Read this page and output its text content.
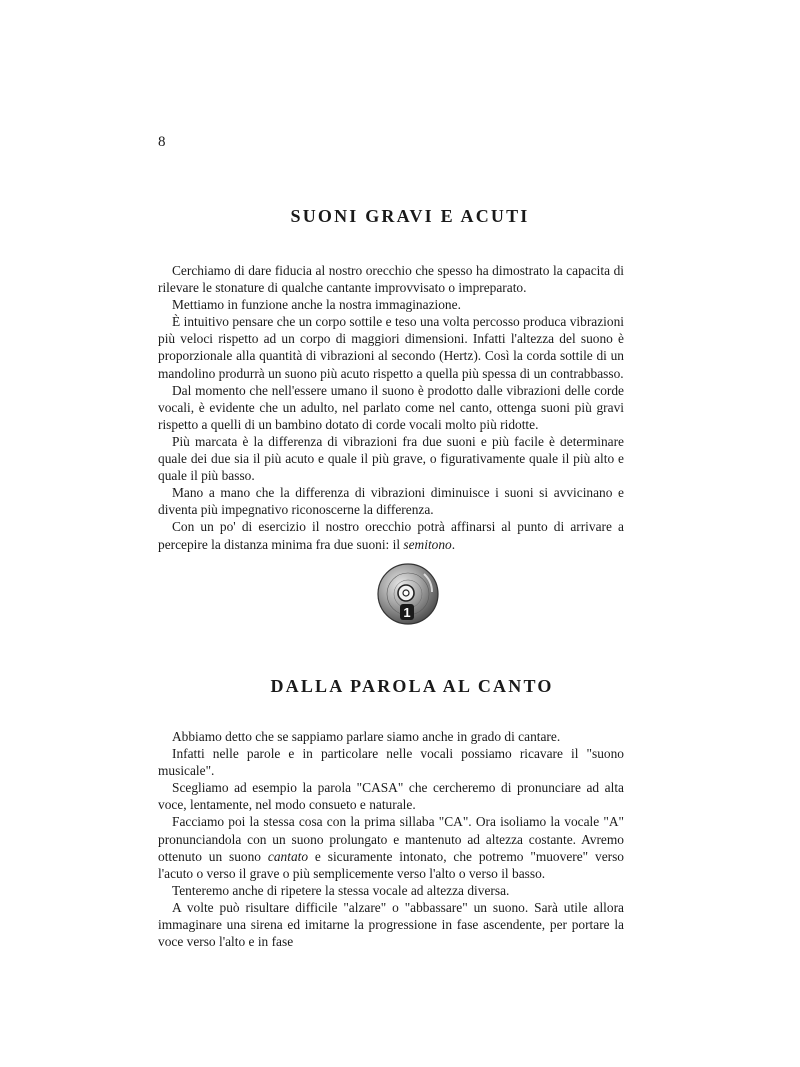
8
SUONI GRAVI E ACUTI

Cerchiamo di dare fiducia al nostro orecchio che spesso ha dimostrato la capacita di rilevare le stonature di qualche cantante improvvisato o impreparato.

Mettiamo in funzione anche la nostra immaginazione.

È intuitivo pensare che un corpo sottile e teso una volta percosso produca vibrazioni più veloci rispetto ad un corpo di maggiori dimensioni. Infatti l'altezza del suono è proporzionale alla quantità di vibrazioni al secondo (Hertz). Così la corda sottile di un mandolino produrrà un suono più acuto rispetto a quella più spessa di un contrabbasso.

Dal momento che nell'essere umano il suono è prodotto dalle vibrazioni delle corde vocali, è evidente che un adulto, nel parlato come nel canto, ottenga suoni più gravi rispetto a quelli di un bambino dotato di corde vocali molto più ridotte.

Più marcata è la differenza di vibrazioni fra due suoni e più facile è determinare quale dei due sia il più acuto e quale il più grave, o figurativamente quale il più alto e quale il più basso.

Mano a mano che la differenza di vibrazioni diminuisce i suoni si avvicinano e diventa più impegnativo riconoscerne la differenza.

Con un po' di esercizio il nostro orecchio potrà affinarsi al punto di arrivare a percepire la distanza minima fra due suoni: il semitono.

1
DALLA PAROLA AL CANTO

Abbiamo detto che se sappiamo parlare siamo anche in grado di cantare.

Infatti nelle parole e in particolare nelle vocali possiamo ricavare il "suono musicale".

Scegliamo ad esempio la parola "CASA" che cercheremo di pronunciare ad alta voce, lentamente, nel modo consueto e naturale.

Facciamo poi la stessa cosa con la prima sillaba "CA". Ora isoliamo la vocale "A" pronunciandola con un suono prolungato e mantenuto ad altezza costante. Avremo ottenuto un suono cantato e sicuramente intonato, che potremo "muovere" verso l'acuto o verso il grave o più semplicemente verso l'alto o verso il basso.

Tenteremo anche di ripetere la stessa vocale ad altezza diversa.

A volte può risultare difficile "alzare" o "abbassare" un suono. Sarà utile allora immaginare una sirena ed imitarne la progressione in fase ascendente, per portare la voce verso l'alto e in fase
